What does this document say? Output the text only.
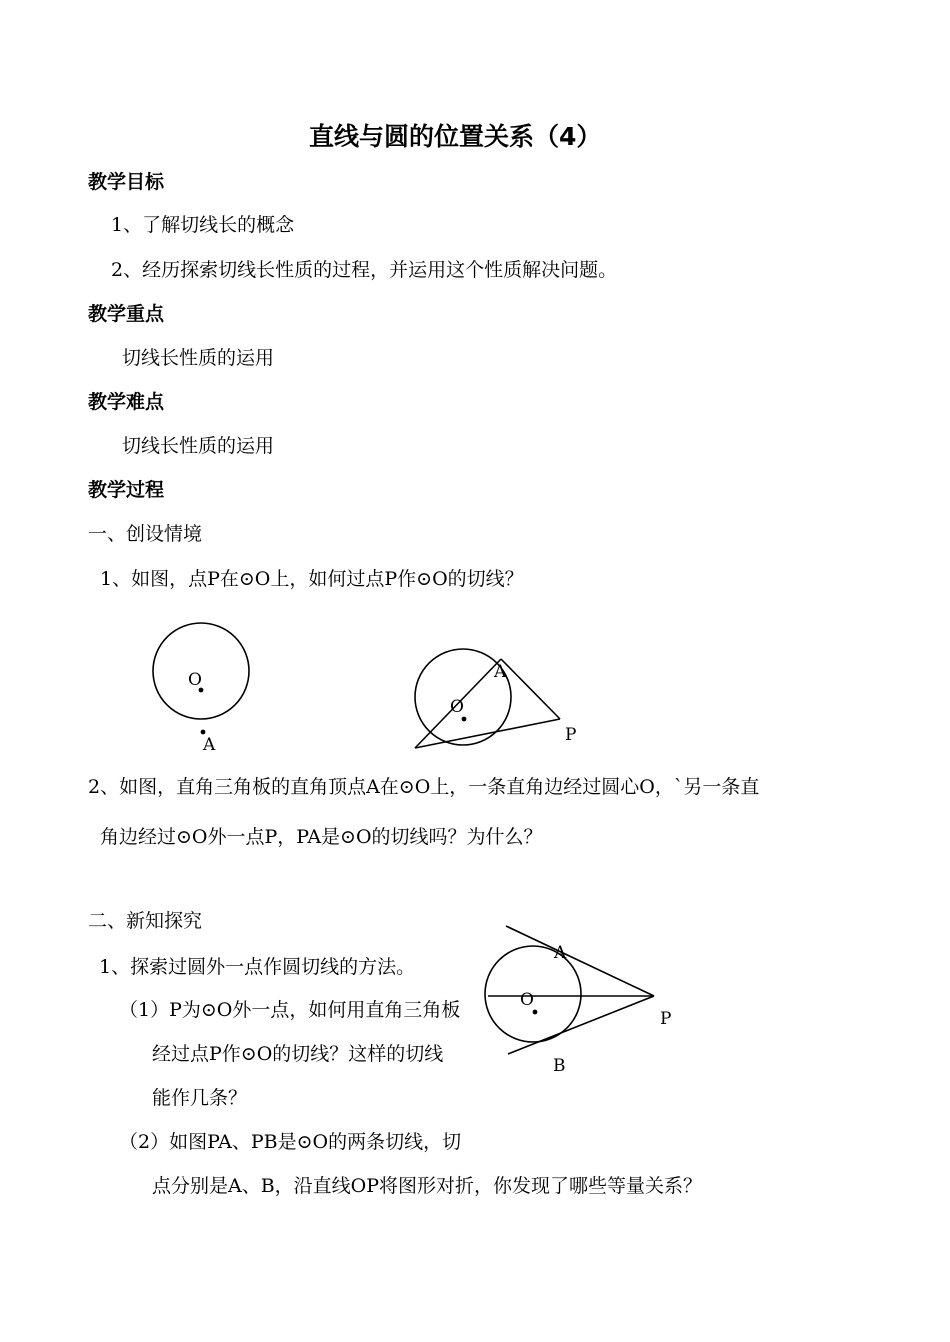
直线与圆的位置关系（4）
教学目标
1、了解切线长的概念
2、经历探索切线长性质的过程，并运用这个性质解决问题。
教学重点
切线长性质的运用
教学难点
切线长性质的运用
教学过程
一、创设情境
1、如图，点P在⊙O上，如何过点P作⊙O的切线？
O
A
O
A
P
2、如图，直角三角板的直角顶点A在⊙O上，一条直角边经过圆心O，`另一条直
角边经过⊙O外一点P，PA是⊙O的切线吗？为什么？
二、新知探究
1、探索过圆外一点作圆切线的方法。
（1）P为⊙O外一点，如何用直角三角板
经过点P作⊙O的切线？这样的切线
能作几条？
（2）如图PA、PB是⊙O的两条切线，切
点分别是A、B，沿直线OP将图形对折，你发现了哪些等量关系？
O
A
B
P
